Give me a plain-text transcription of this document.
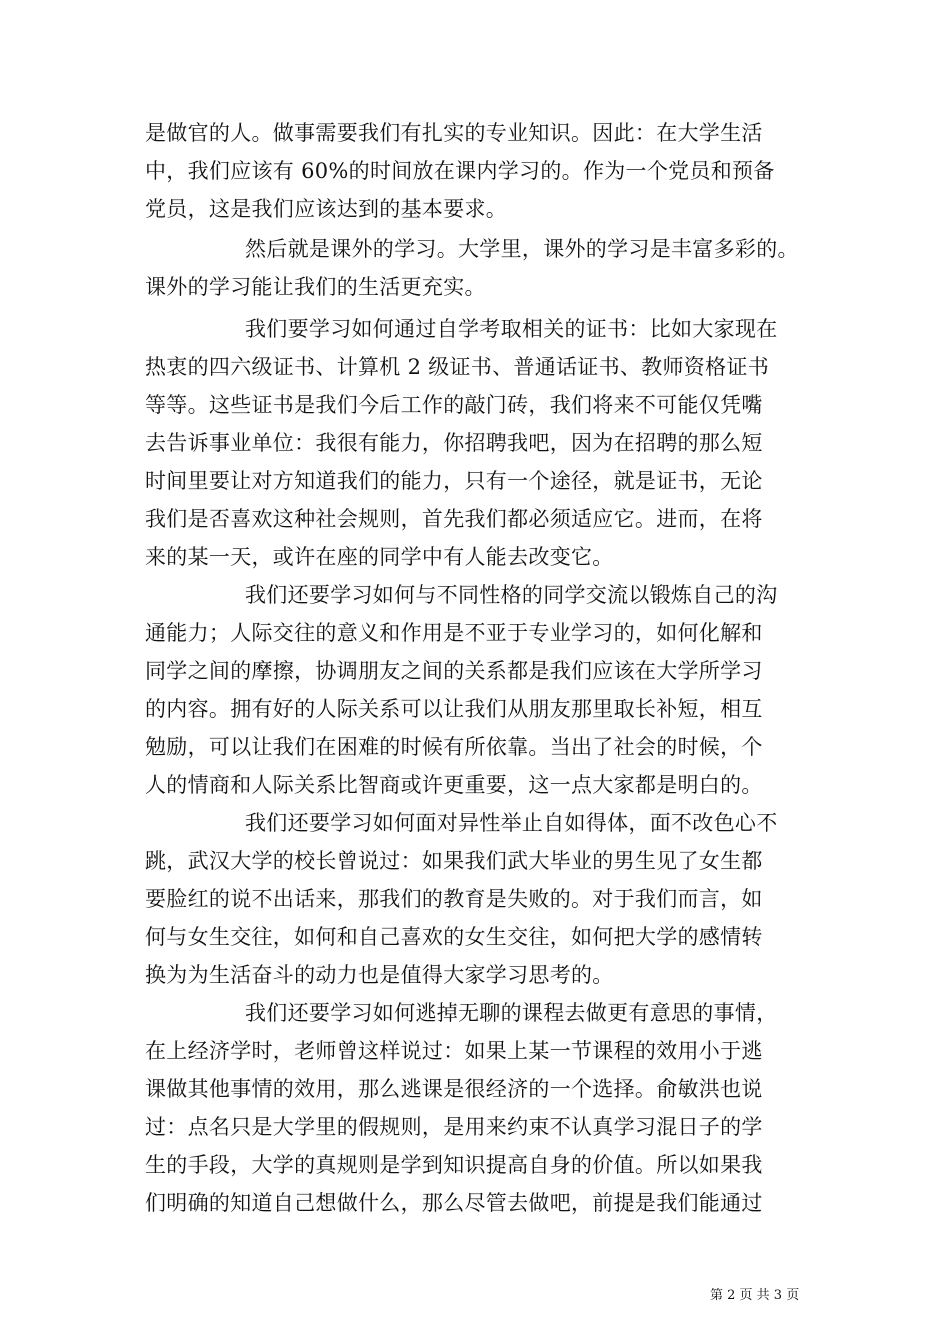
是做官的人。做事需要我们有扎实的专业知识。因此：在大学生活
中，我们应该有 60%的时间放在课内学习的。作为一个党员和预备
党员，这是我们应该达到的基本要求。
然后就是课外的学习。大学里，课外的学习是丰富多彩的。
课外的学习能让我们的生活更充实。
我们要学习如何通过自学考取相关的证书：比如大家现在
热衷的四六级证书、计算机 2 级证书、普通话证书、教师资格证书
等等。这些证书是我们今后工作的敲门砖，我们将来不可能仅凭嘴
去告诉事业单位：我很有能力，你招聘我吧，因为在招聘的那么短
时间里要让对方知道我们的能力，只有一个途径，就是证书，无论
我们是否喜欢这种社会规则，首先我们都必须适应它。进而，在将
来的某一天，或许在座的同学中有人能去改变它。
我们还要学习如何与不同性格的同学交流以锻炼自己的沟
通能力；人际交往的意义和作用是不亚于专业学习的，如何化解和
同学之间的摩擦，协调朋友之间的关系都是我们应该在大学所学习
的内容。拥有好的人际关系可以让我们从朋友那里取长补短，相互
勉励，可以让我们在困难的时候有所依靠。当出了社会的时候，个
人的情商和人际关系比智商或许更重要，这一点大家都是明白的。
我们还要学习如何面对异性举止自如得体，面不改色心不
跳，武汉大学的校长曾说过：如果我们武大毕业的男生见了女生都
要脸红的说不出话来，那我们的教育是失败的。对于我们而言，如
何与女生交往，如何和自己喜欢的女生交往，如何把大学的感情转
换为为生活奋斗的动力也是值得大家学习思考的。
我们还要学习如何逃掉无聊的课程去做更有意思的事情，
在上经济学时，老师曾这样说过：如果上某一节课程的效用小于逃
课做其他事情的效用，那么逃课是很经济的一个选择。俞敏洪也说
过：点名只是大学里的假规则，是用来约束不认真学习混日子的学
生的手段，大学的真规则是学到知识提高自身的价值。所以如果我
们明确的知道自己想做什么，那么尽管去做吧，前提是我们能通过
第 2 页 共 3 页
